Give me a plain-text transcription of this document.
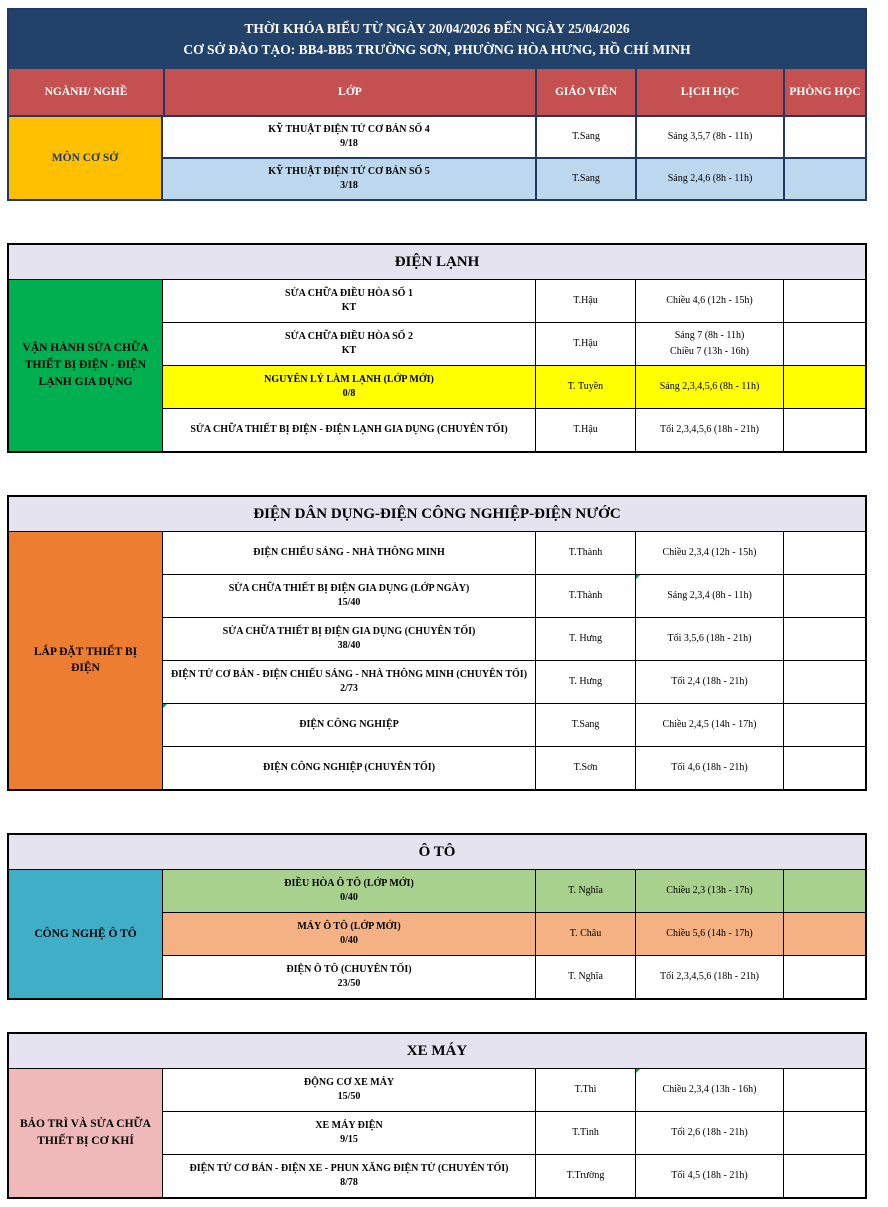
THỜI KHÓA BIỂU TỪ NGÀY 20/04/2026 ĐẾN NGÀY 25/04/2026
CƠ SỞ ĐÀO TẠO: BB4-BB5 TRƯỜNG SƠN, PHƯỜNG HÒA HƯNG, HỒ CHÍ MINH
NGÀNH/ NGHỀ	LỚP	GIÁO VIÊN	LỊCH HỌC	PHÒNG HỌC
MÔN CƠ SỞ
KỸ THUẬT ĐIỆN TỬ CƠ BẢN SỐ 4
9/18
T.Sang	Sáng 3,5,7 (8h - 11h)
KỸ THUẬT ĐIỆN TỬ CƠ BẢN SỐ 5
3/18
T.Sang	Sáng 2,4,6 (8h - 11h)
ĐIỆN LẠNH
VẬN HÀNH SỬA CHỮA THIẾT BỊ ĐIỆN - ĐIỆN LẠNH GIA DỤNG
SỬA CHỮA ĐIỀU HÒA SỐ 1
KT
T.Hậu	Chiều 4,6 (12h - 15h)
SỬA CHỮA ĐIỀU HÒA SỐ 2
KT
T.Hậu
Sáng 7 (8h - 11h)
Chiều 7 (13h - 16h)
NGUYÊN LÝ LÀM LẠNH (LỚP MỚI)
0/8
T. Tuyền	Sáng 2,3,4,5,6 (8h - 11h)
SỬA CHỮA THIẾT BỊ ĐIỆN - ĐIỆN LẠNH GIA DỤNG (CHUYÊN TỐI)	T.Hậu	Tối 2,3,4,5,6 (18h - 21h)
ĐIỆN DÂN DỤNG-ĐIỆN CÔNG NGHIỆP-ĐIỆN NƯỚC
LẮP ĐẶT THIẾT BỊ ĐIỆN
ĐIỆN CHIẾU SÁNG - NHÀ THÔNG MINH	T.Thành	Chiều 2,3,4 (12h - 15h)
SỬA CHỮA THIẾT BỊ ĐIỆN GIA DỤNG (LỚP NGÀY)
15/40
T.Thành	Sáng 2,3,4 (8h - 11h)
SỬA CHỮA THIẾT BỊ ĐIỆN GIA DỤNG (CHUYÊN TỐI)
38/40
T. Hưng	Tối 3,5,6 (18h - 21h)
ĐIỆN TỬ CƠ BẢN - ĐIỆN CHIẾU SÁNG - NHÀ THÔNG MINH (CHUYÊN TỐI)
2/73
T. Hưng	Tối 2,4 (18h - 21h)
ĐIỆN CÔNG NGHIỆP	T.Sang	Chiều 2,4,5 (14h - 17h)
ĐIỆN CÔNG NGHIỆP (CHUYÊN TỐI)	T.Sơn	Tối 4,6 (18h - 21h)
Ô TÔ
CÔNG NGHỆ Ô TÔ
ĐIỀU HÒA Ô TÔ (LỚP MỚI)
0/40
T. Nghĩa	Chiều 2,3 (13h - 17h)
MÁY Ô TÔ (LỚP MỚI)
0/40
T. Châu	Chiều 5,6 (14h - 17h)
ĐIỆN Ô TÔ (CHUYÊN TỐI)
23/50
T. Nghĩa	Tối 2,3,4,5,6 (18h - 21h)
XE MÁY
BẢO TRÌ VÀ SỬA CHỮA THIẾT BỊ CƠ KHÍ
ĐỘNG CƠ XE MÁY
15/50
T.Thì	Chiều 2,3,4 (13h - 16h)
XE MÁY ĐIỆN
9/15
T.Tình	Tối 2,6 (18h - 21h)
ĐIỆN TỬ CƠ BẢN - ĐIỆN XE - PHUN XĂNG ĐIỆN TỬ (CHUYÊN TỐI)
8/78
T.Trường	Tối 4,5 (18h - 21h)
